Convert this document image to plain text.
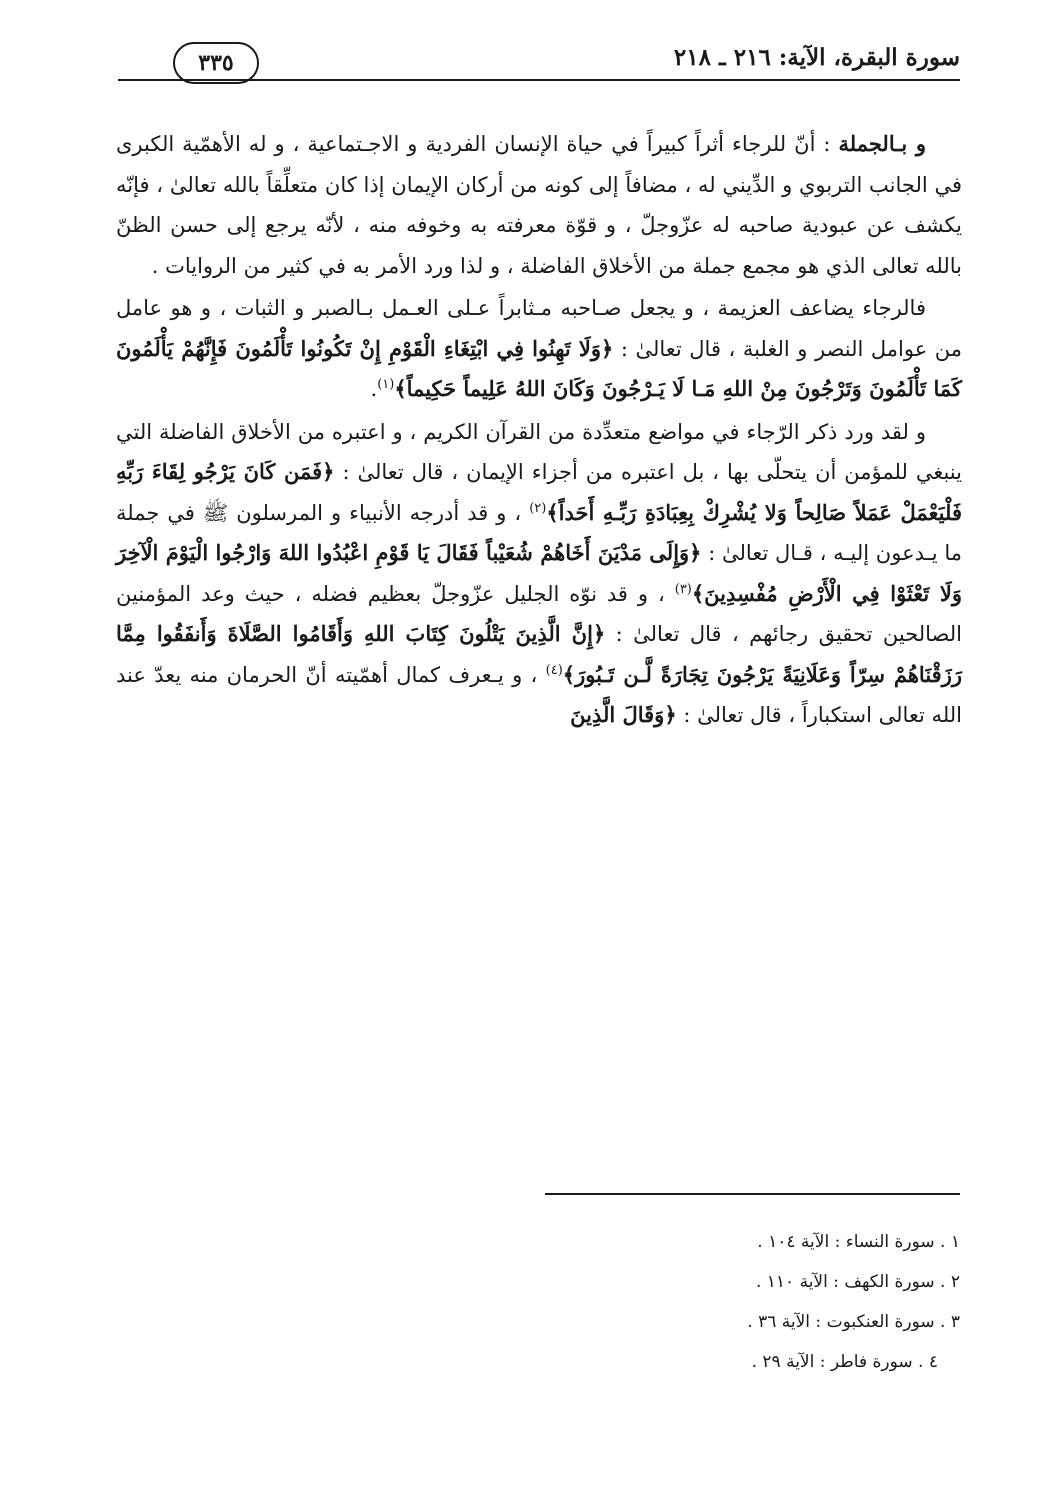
سورة البقرة، الآية: ٢١٦ ـ ٢١٨
٣٣٥

و بـالجملة : أنّ للرجاء أثراً كبيراً في حياة الإنسان الفردية و الاجـتماعية ، و له الأهمّية الكبرى في الجانب التربوي و الدِّيني له ، مضافاً إلى كونه من أركان الإيمان إذا كان متعلِّقاً بالله تعالىٰ ، فإنّه يكشف عن عبودية صاحبه له عزّوجلّ ، و قوّة معرفته به وخوفه منه ، لأنّه يرجع إلى حسن الظنّ بالله تعالى الذي هو مجمع جملة من الأخلاق الفاضلة ، و لذا ورد الأمر به في كثير من الروايات .

فالرجاء يضاعف العزيمة ، و يجعل صـاحبه مـثابراً عـلى العـمل بـالصبر و الثبات ، و هو عامل من عوامل النصر و الغلبة ، قال تعالىٰ : ﴿وَلَا تَهِنُوا فِي ابْتِغَاءِ الْقَوْمِ إِنْ تَكُونُوا تَأْلَمُونَ فَإِنَّهُمْ يَأْلَمُونَ كَمَا تَأْلَمُونَ وَتَرْجُونَ مِنْ اللهِ مَـا لَا يَـرْجُونَ وَكَانَ اللهُ عَلِيماً حَكِيماً﴾$^{(١)}$.

و لقد ورد ذكر الرّجاء في مواضع متعدِّدة من القرآن الكريم ، و اعتبره من الأخلاق الفاضلة التي ينبغي للمؤمن أن يتحلّى بها ، بل اعتبره من أجزاء الإيمان ، قال تعالىٰ : ﴿فَمَن كَانَ يَرْجُو لِقَاءَ رَبِّهِ فَلْيَعْمَلْ عَمَلاً صَالِحاً وَلا يُشْرِكْ بِعِبَادَةِ رَبِّـهِ أَحَداً﴾$^{(٢)}$ ، و قد أدرجه الأنبياء و المرسلون ﷺ في جملة ما يـدعون إليـه ، قـال تعالىٰ : ﴿وَإِلَى مَدْيَنَ أَخَاهُمْ شُعَيْباً فَقَالَ يَا قَوْمِ اعْبُدُوا اللهَ وَارْجُوا الْيَوْمَ الْآخِرَ وَلَا تَعْثَوْا فِي الْأَرْضِ مُفْسِدِينَ﴾$^{(٣)}$ ، و قد نوّه الجليل عزّوجلّ بعظيم فضله ، حيث وعد المؤمنين الصالحين تحقيق رجائهم ، قال تعالىٰ : ﴿إِنَّ الَّذِينَ يَتْلُونَ كِتَابَ اللهِ وَأَقَامُوا الصَّلَاةَ وَأَنفَقُوا مِمَّا رَزَقْنَاهُمْ سِرّاً وَعَلَانِيَةً يَرْجُونَ تِجَارَةً لَّـن تَـبُورَ﴾$^{(٤)}$ ، و يـعرف كمال أهمّيته أنّ الحرمان منه يعدّ عند الله تعالى استكباراً ، قال تعالىٰ : ﴿وَقَالَ الَّذِينَ

١ . سورة النساء : الآية ١٠٤ .
٢ . سورة الكهف : الآية ١١٠ .
٣ . سورة العنكبوت : الآية ٣٦ .
٤ . سورة فاطر : الآية ٢٩ .
